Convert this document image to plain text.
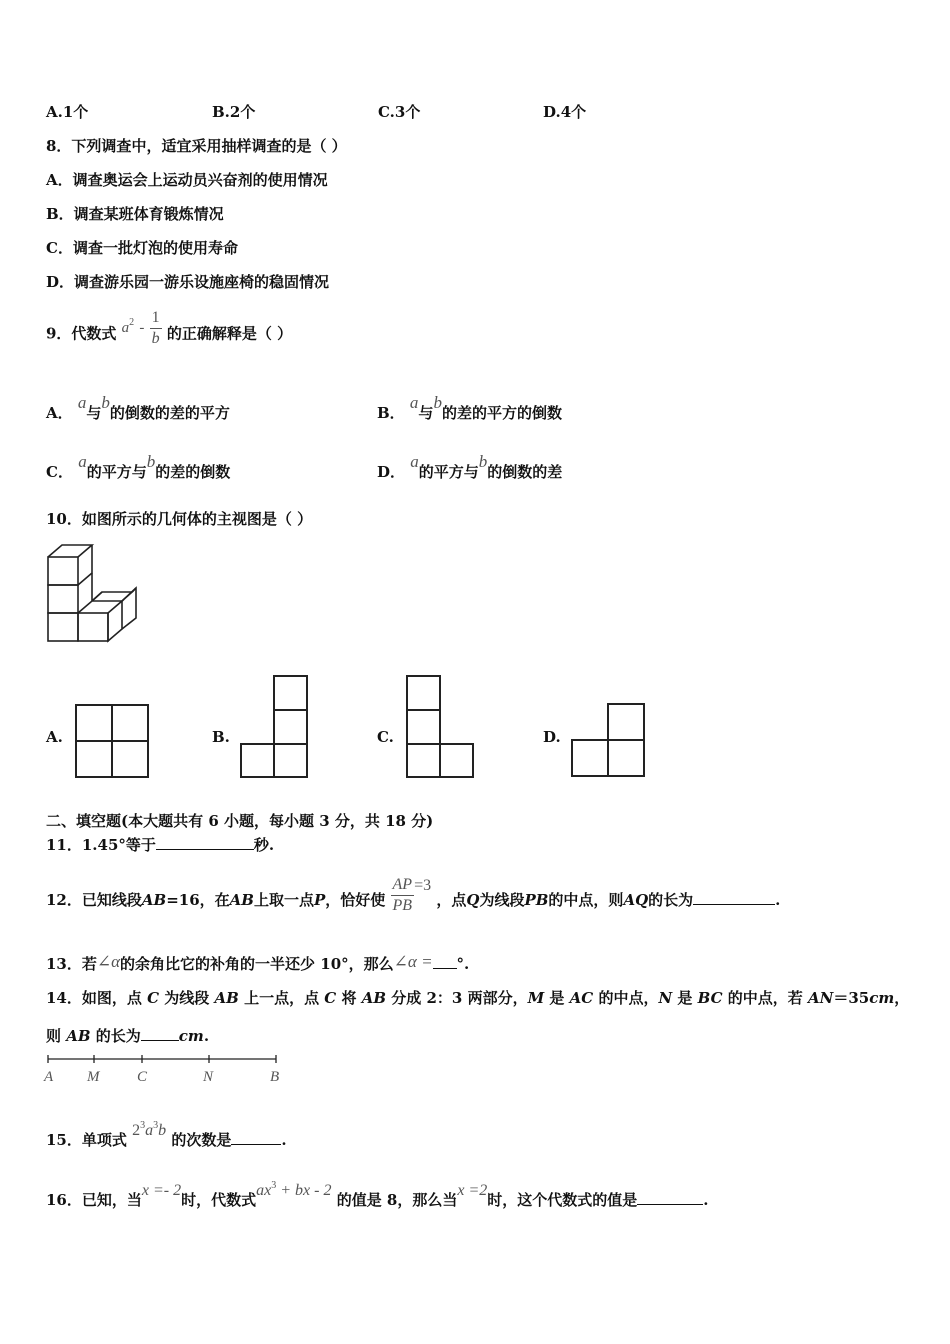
A.1个	B.2个	C.3个	D.4个
8．下列调查中，适宜采用抽样调查的是（ ）
A．调查奥运会上运动员兴奋剂的使用情况
B．调查某班体育锻炼情况
C．调查一批灯泡的使用寿命
D．调查游乐园一游乐设施座椅的稳固情况
9．代数式 $a^2 - \frac{1}{b}$ 的正确解释是（ ）
A． a与b的倒数的差的平方	B． a与b的差的平方的倒数
C． a的平方与b的差的倒数	D． a的平方与b的倒数的差
10．如图所示的几何体的主视图是（ ）
A.	B.	C.	D.
二、填空题(本大题共有 6 小题，每小题 3 分，共 18 分)
11．1.45°等于	秒.
12．已知线段AB=16，在AB上取一点P，恰好使 $\frac{AP}{PB} =3$ ，点Q为线段PB的中点，则AQ的长为	.
13．若∠α的余角比它的补角的一半还少 10°，那么∠α = °.
14．如图，点 C 为线段 AB 上一点，点 C 将 AB 分成 2：3 两部分，M 是 AC 的中点，N 是 BC 的中点，若 AN＝35cm，
则 AB 的长为	cm.
A M	C	N	B
15．单项式 $2^3a^3b$ 的次数是	.
16．已知，当x =- 2时，代数式$ax^3$ + bx - 2 的值是 8，那么当x =2时，这个代数式的值是	.
